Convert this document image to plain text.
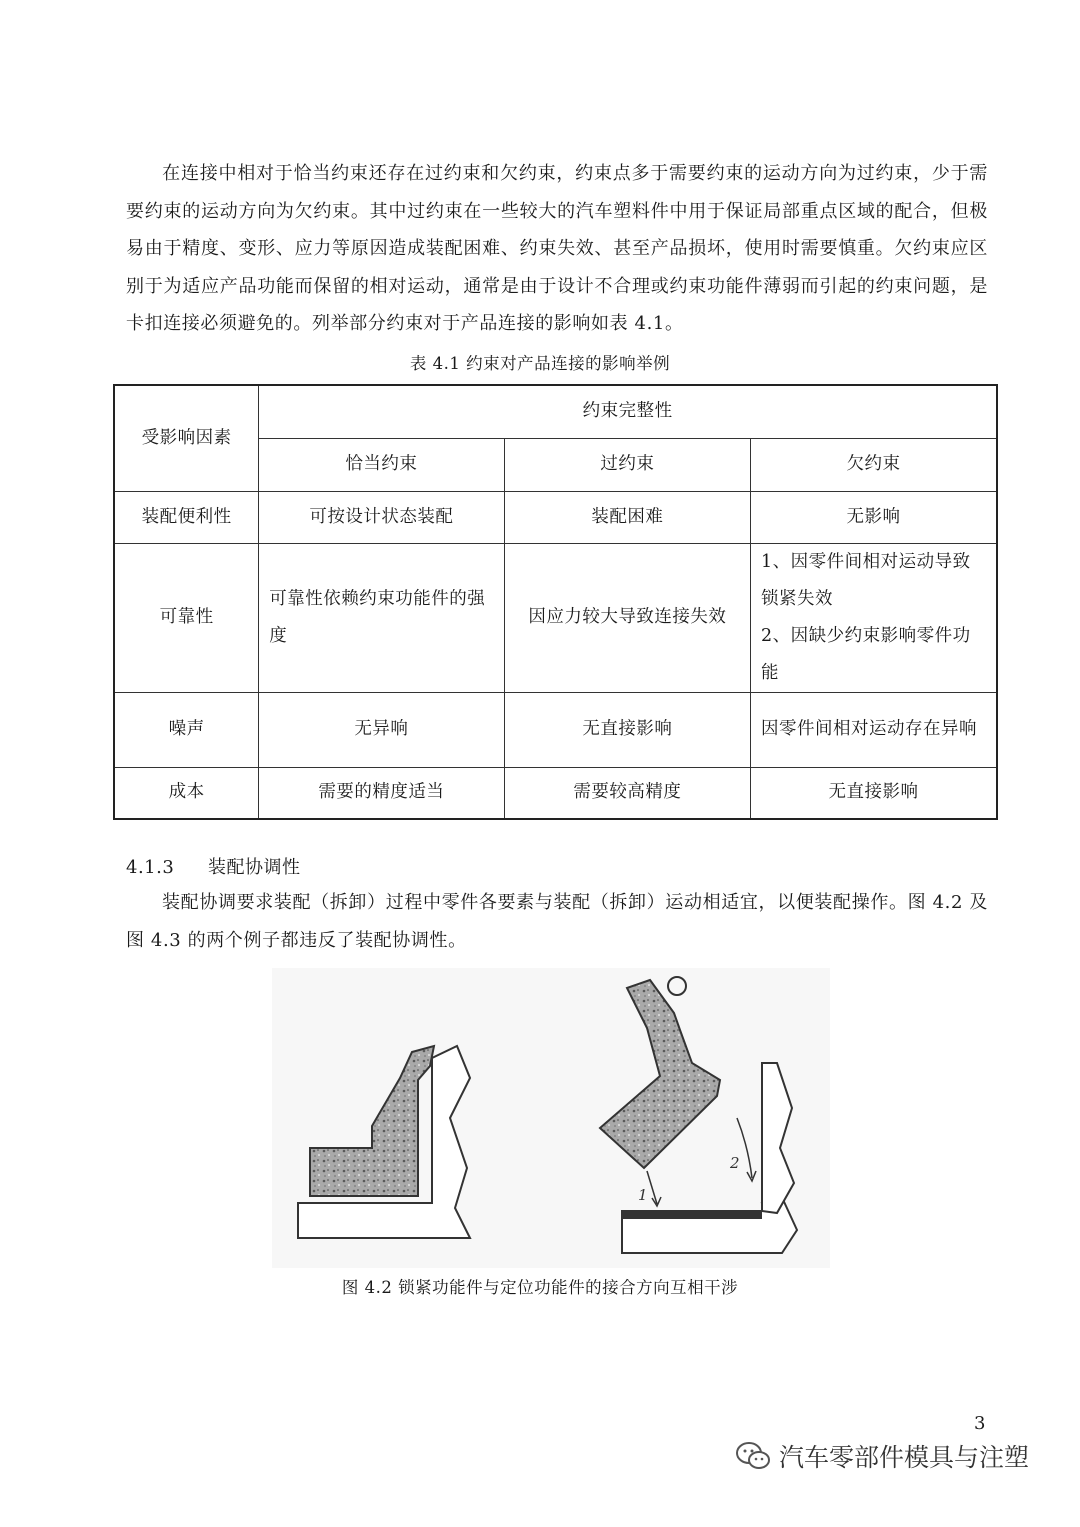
在连接中相对于恰当约束还存在过约束和欠约束，约束点多于需要约束的运动方向为过约束，少于需要约束的运动方向为欠约束。其中过约束在一些较大的汽车塑料件中用于保证局部重点区域的配合，但极易由于精度、变形、应力等原因造成装配困难、约束失效、甚至产品损坏，使用时需要慎重。欠约束应区别于为适应产品功能而保留的相对运动，通常是由于设计不合理或约束功能件薄弱而引起的约束问题，是卡扣连接必须避免的。列举部分约束对于产品连接的影响如表 4.1。

表 4.1 约束对产品连接的影响举例
受影响因素	约束完整性		
	恰当约束	过约束	欠约束
装配便利性	可按设计状态装配	装配困难	无影响
可靠性	可靠性依赖约束功能件的强度	因应力较大导致连接失效	1、因零件间相对运动导致锁紧失效
2、因缺少约束影响零件功能
噪声	无异响	无直接影响	因零件间相对运动存在异响
成本	需要的精度适当	需要较高精度	无直接影响
4.1.3 装配协调性

装配协调要求装配（拆卸）过程中零件各要素与装配（拆卸）运动相适宜，以便装配操作。图 4.2 及图 4.3 的两个例子都违反了装配协调性。

1
2
图 4.2 锁紧功能件与定位功能件的接合方向互相干涉
3
汽车零部件模具与注塑
